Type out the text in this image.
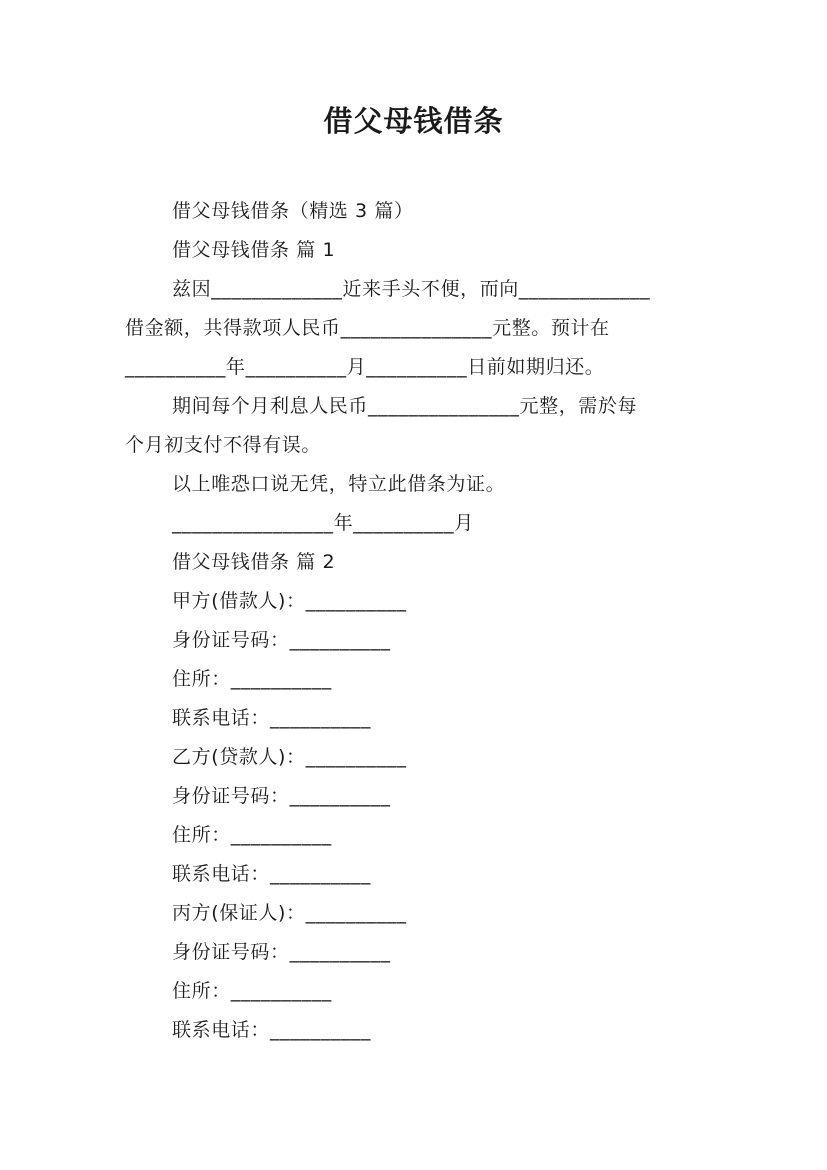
借父母钱借条

借父母钱借条（精选 3 篇）

借父母钱借条 篇 1

兹因_____________近来手头不便，而向_____________

借金额，共得款项人民币_______________元整。预计在

__________年__________月__________日前如期归还。

期间每个月利息人民币_______________元整，需於每

个月初支付不得有误。

以上唯恐口说无凭，特立此借条为证。

________________年__________月

借父母钱借条 篇 2

甲方(借款人)：__________

身份证号码：__________

住所：__________

联系电话：__________

乙方(贷款人)：__________

身份证号码：__________

住所：__________

联系电话：__________

丙方(保证人)：__________

身份证号码：__________

住所：__________

联系电话：__________
